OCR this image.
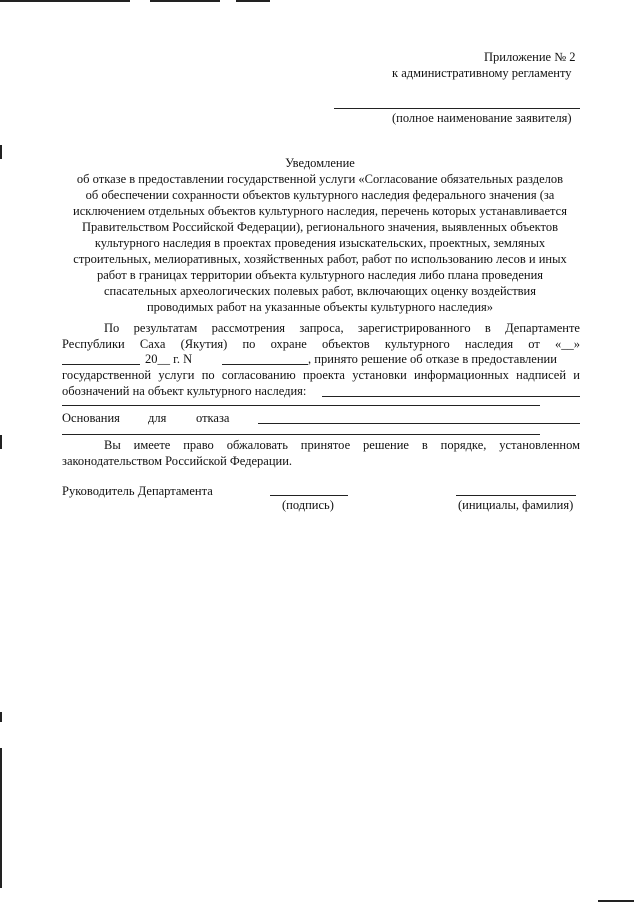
Приложение № 2
к административному регламенту
(полное наименование заявителя)
Уведомление
об отказе в предоставлении государственной услуги «Согласование обязательных разделов
об обеспечении сохранности объектов культурного наследия федерального значения (за
исключением отдельных объектов культурного наследия, перечень которых устанавливается
Правительством Российской Федерации), регионального значения, выявленных объектов
культурного наследия в проектах проведения изыскательских, проектных, земляных
строительных, мелиоративных, хозяйственных работ, работ по использованию лесов и иных
работ в границах территории объекта культурного наследия либо плана проведения
спасательных археологических полевых работ, включающих оценку воздействия
проводимых работ на указанные объекты культурного наследия»
По результатам рассмотрения запроса, зарегистрированного в Департаменте
Республики Саха (Якутия) по охране объектов культурного наследия от «__»
20__ г. N	, принято решение об отказе в предоставлении
государственной услуги по согласованию проекта установки информационных надписей и
обозначений на объект культурного наследия:
Основания для отказа
Вы имеете право обжаловать принятое решение в порядке, установленном
законодательством Российской Федерации.
Руководитель Департамента
(подпись)	(инициалы, фамилия)
